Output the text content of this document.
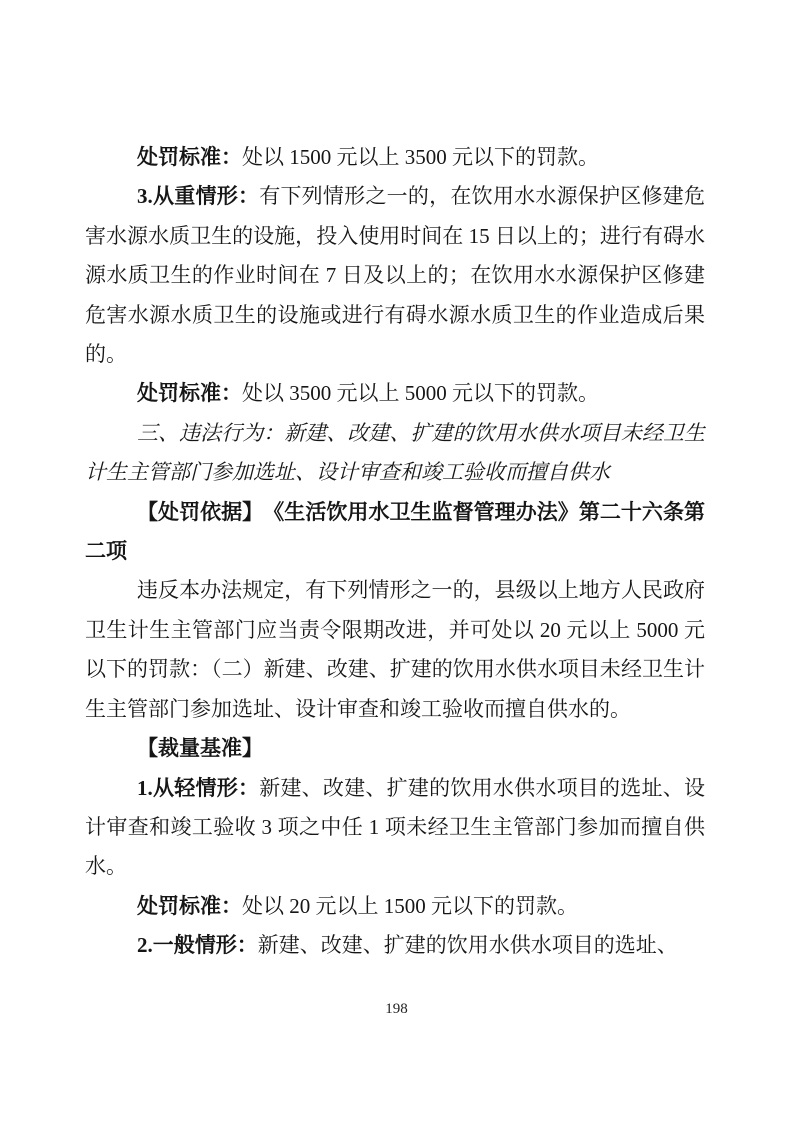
处罚标准：处以 1500 元以上 3500 元以下的罚款。

3.从重情形：有下列情形之一的，在饮用水水源保护区修建危害水源水质卫生的设施，投入使用时间在 15 日以上的；进行有碍水源水质卫生的作业时间在 7 日及以上的；在饮用水水源保护区修建危害水源水质卫生的设施或进行有碍水源水质卫生的作业造成后果的。

处罚标准：处以 3500 元以上 5000 元以下的罚款。

三、违法行为：新建、改建、扩建的饮用水供水项目未经卫生计生主管部门参加选址、设计审查和竣工验收而擅自供水

【处罚依据】　《生活饮用水卫生监督管理办法》第二十六条第二项

违反本办法规定，有下列情形之一的，县级以上地方人民政府卫生计生主管部门应当责令限期改进，并可处以 20 元以上 5000 元以下的罚款：（二）新建、改建、扩建的饮用水供水项目未经卫生计生主管部门参加选址、设计审查和竣工验收而擅自供水的。

【裁量基准】

1.从轻情形：新建、改建、扩建的饮用水供水项目的选址、设计审查和竣工验收 3 项之中任 1 项未经卫生主管部门参加而擅自供水。

处罚标准：处以 20 元以上 1500 元以下的罚款。

2.一般情形：新建、改建、扩建的饮用水供水项目的选址、

198
